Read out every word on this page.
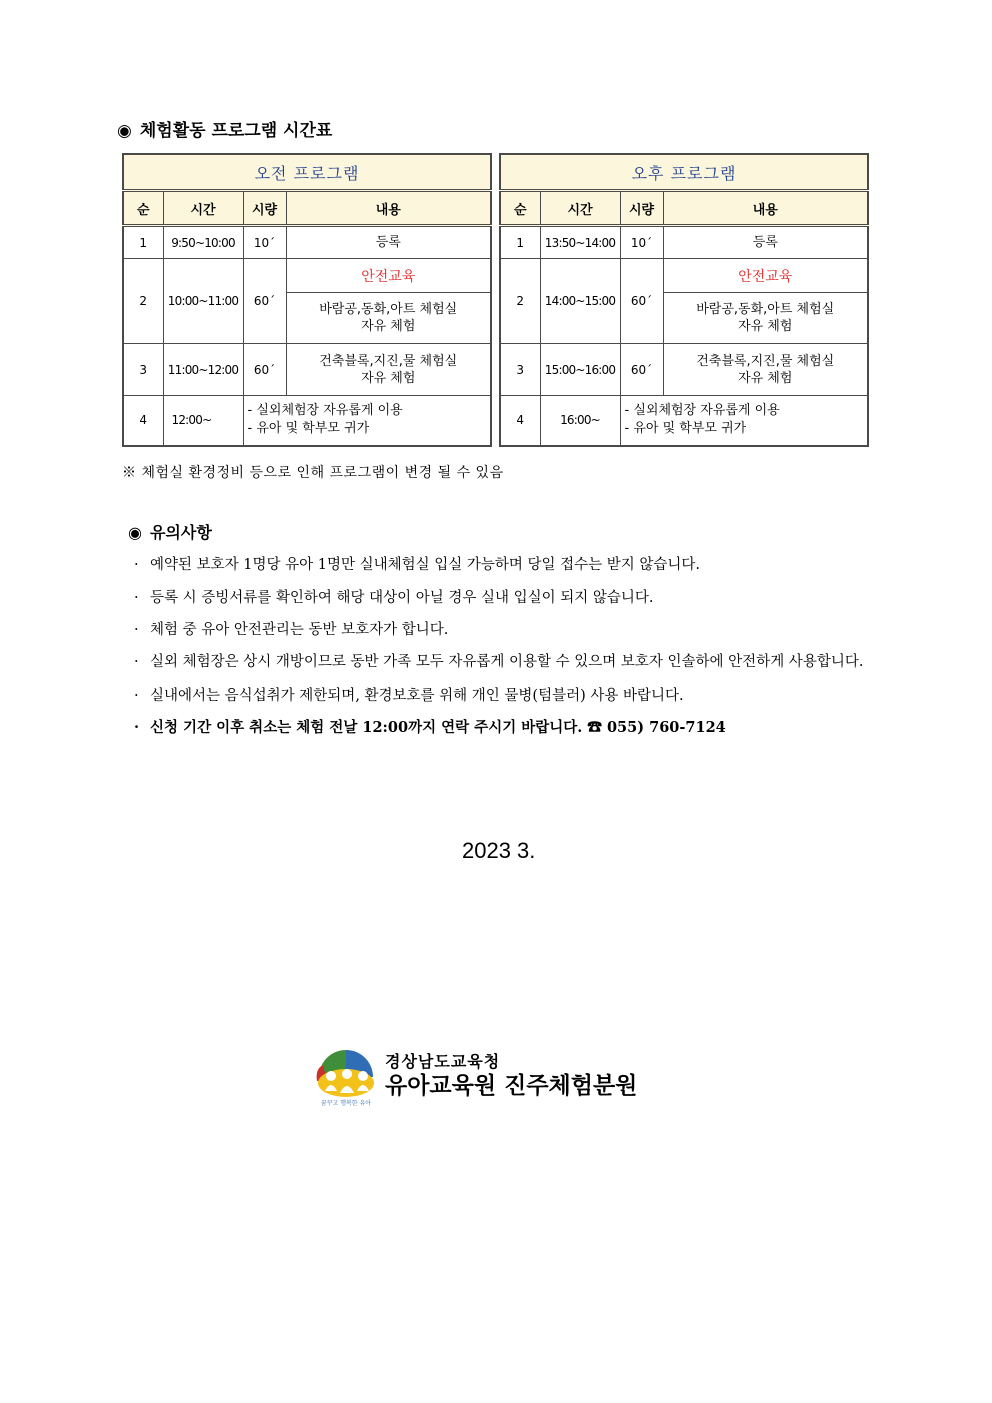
◉ 체험활동 프로그램 시간표
오전 프로그램			
순	시간	시량	내용
1	9:50~10:00	10´	등록
2	10:00~11:00	60´	안전교육

			바람공,동화,아트 체험실
자유 체험

3	11:00~12:00	60´	건축블록,지진,물 체험실
자유 체험

4	12:00~	- 실외체험장 자유롭게 이용
- 유아 및 학부모 귀가	
오후 프로그램			
순	시간	시량	내용
1	13:50~14:00	10´	등록
2	14:00~15:00	60´	안전교육

			바람공,동화,아트 체험실
자유 체험

3	15:00~16:00	60´	건축블록,지진,물 체험실
자유 체험

4	16:00~	- 실외체험장 자유롭게 이용
- 유아 및 학부모 귀가	
※ 체험실 환경정비 등으로 인해 프로그램이 변경 될 수 있음
◉ 유의사항
· 예약된 보호자 1명당 유아 1명만 실내체험실 입실 가능하며 당일 접수는 받지 않습니다.
· 등록 시 증빙서류를 확인하여 해당 대상이 아닐 경우 실내 입실이 되지 않습니다.
· 체험 중 유아 안전관리는 동반 보호자가 합니다.
· 실외 체험장은 상시 개방이므로 동반 가족 모두 자유롭게 이용할 수 있으며 보호자 인솔하에 안전하게 사용합니다.
· 실내에서는 음식섭취가 제한되며, 환경보호를 위해 개인 물병(텀블러) 사용 바랍니다.
· 신청 기간 이후 취소는 체험 전날 12:00까지 연락 주시기 바랍니다. ☎ 055) 760-7124
2023 3.
꿈꾸고 행복한 유아
경상남도교육청
유아교육원 진주체험분원
